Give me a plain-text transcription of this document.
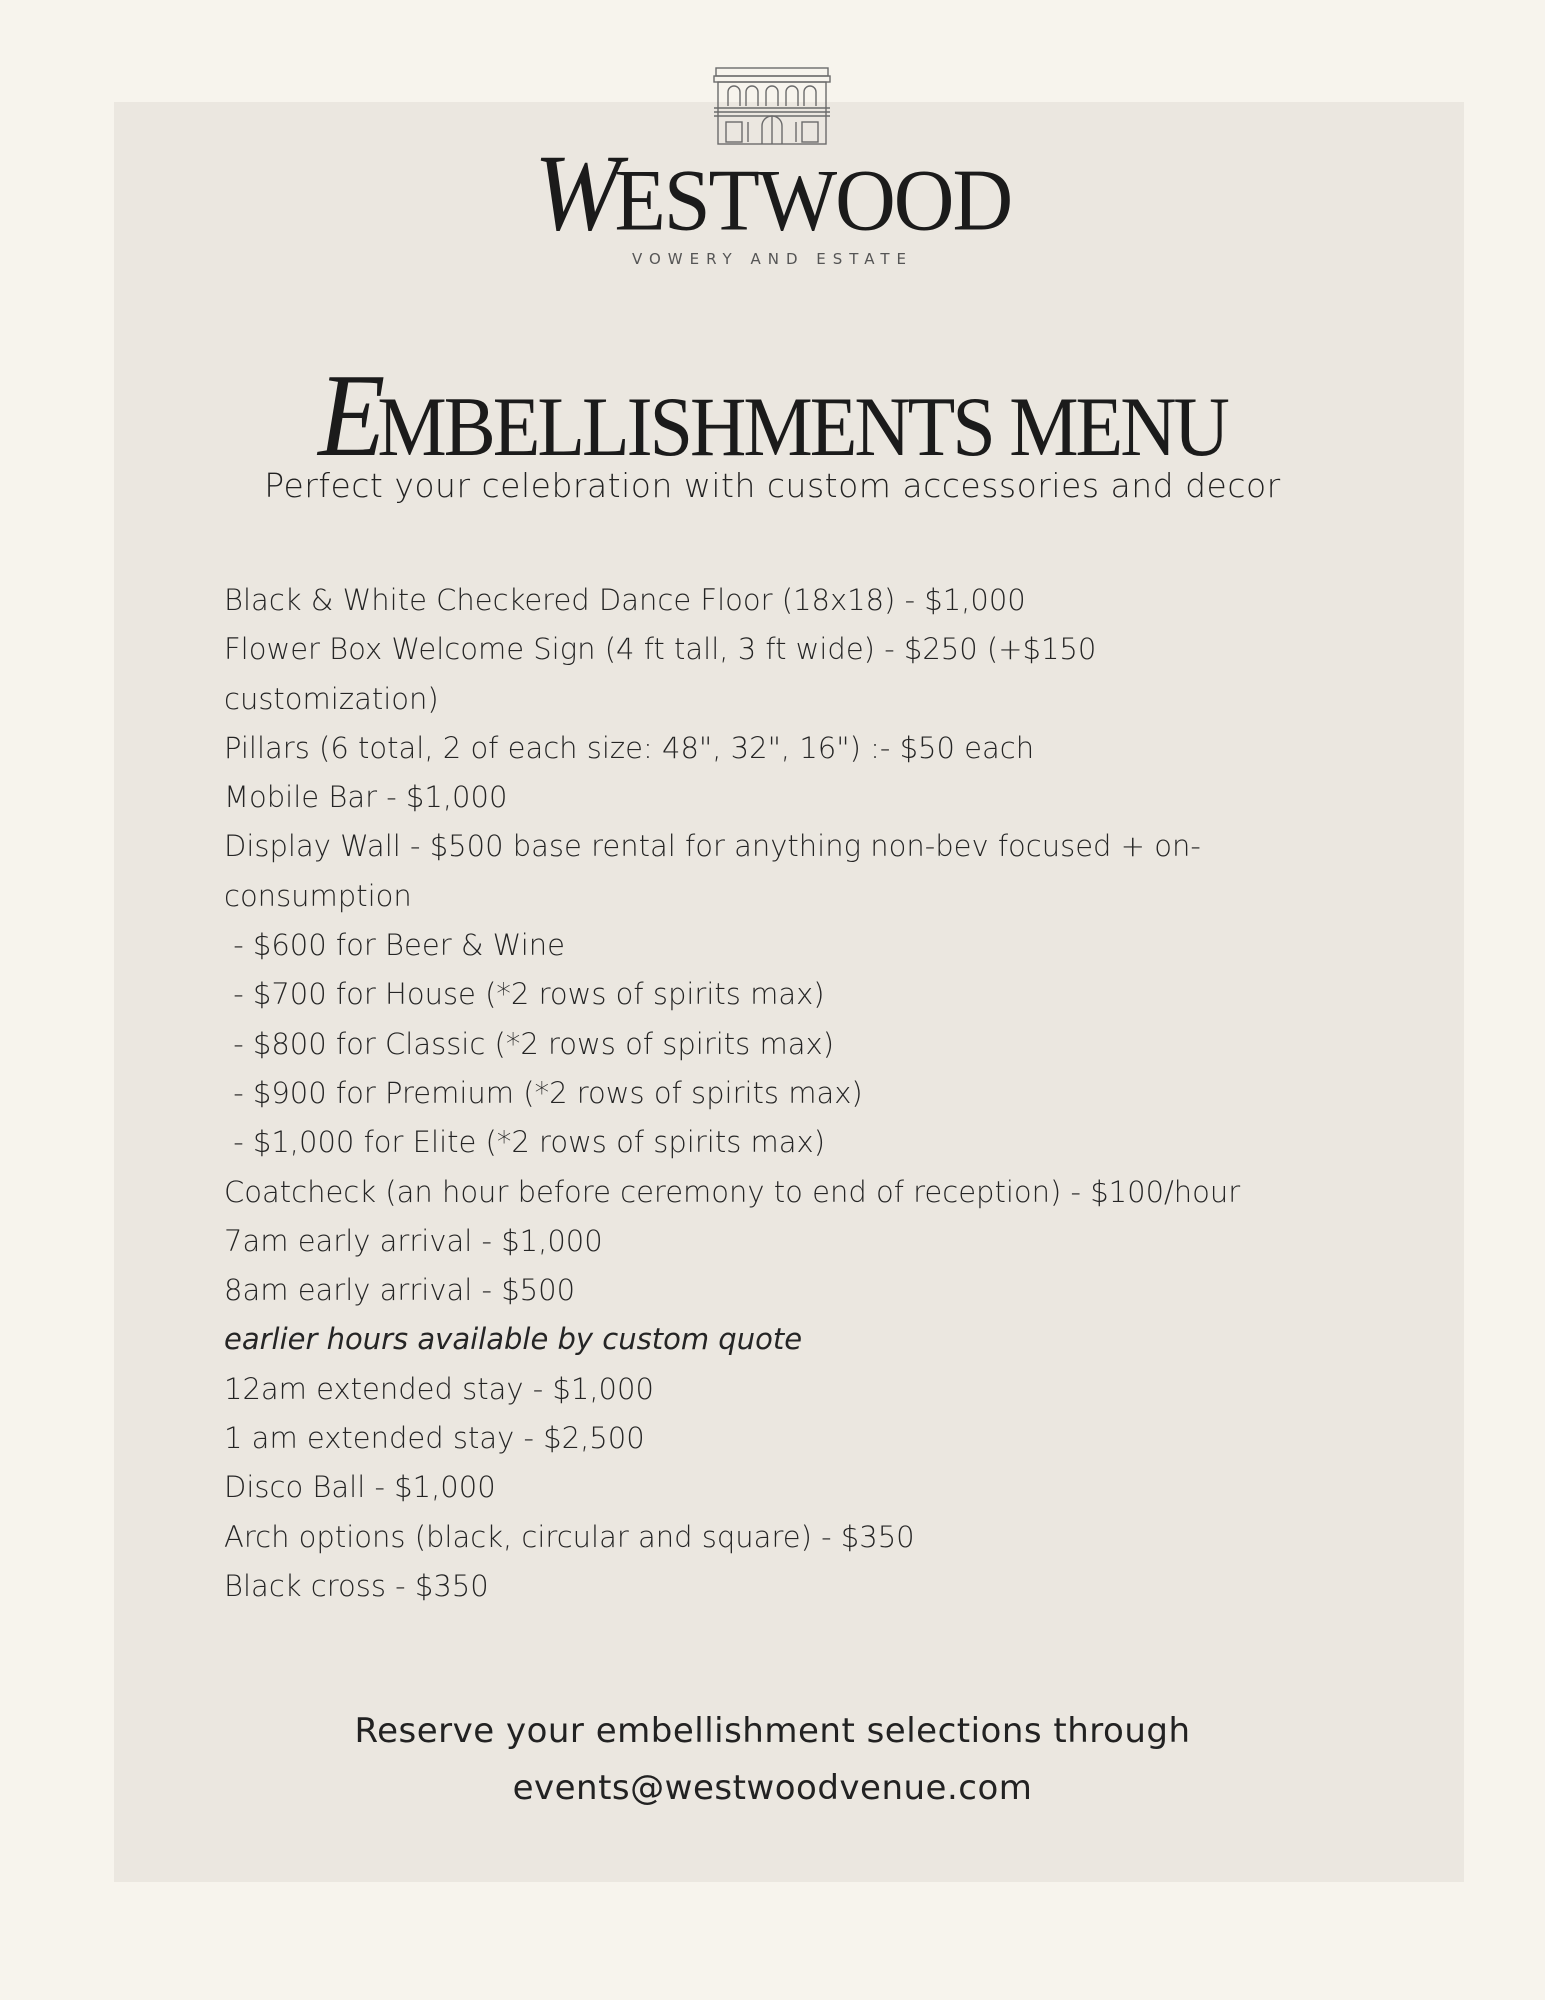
WESTWOOD
VOWERY AND ESTATE
EMBELLISHMENTS MENU
Perfect your celebration with custom accessories and decor
Black & White Checkered Dance Floor (18x18) - $1,000
Flower Box Welcome Sign (4 ft tall, 3 ft wide) - $250 (+$150
customization)
Pillars (6 total, 2 of each size: 48", 32", 16") :- $50 each
Mobile Bar - $1,000
Display Wall - $500 base rental for anything non-bev focused + on-
consumption
- $600 for Beer & Wine
- $700 for House (*2 rows of spirits max)
- $800 for Classic (*2 rows of spirits max)
- $900 for Premium (*2 rows of spirits max)
- $1,000 for Elite (*2 rows of spirits max)
Coatcheck (an hour before ceremony to end of reception) - $100/hour
7am early arrival - $1,000
8am early arrival - $500
earlier hours available by custom quote
12am extended stay - $1,000
1 am extended stay - $2,500
Disco Ball - $1,000
Arch options (black, circular and square) - $350
Black cross - $350
Reserve your embellishment selections through
events@westwoodvenue.com
